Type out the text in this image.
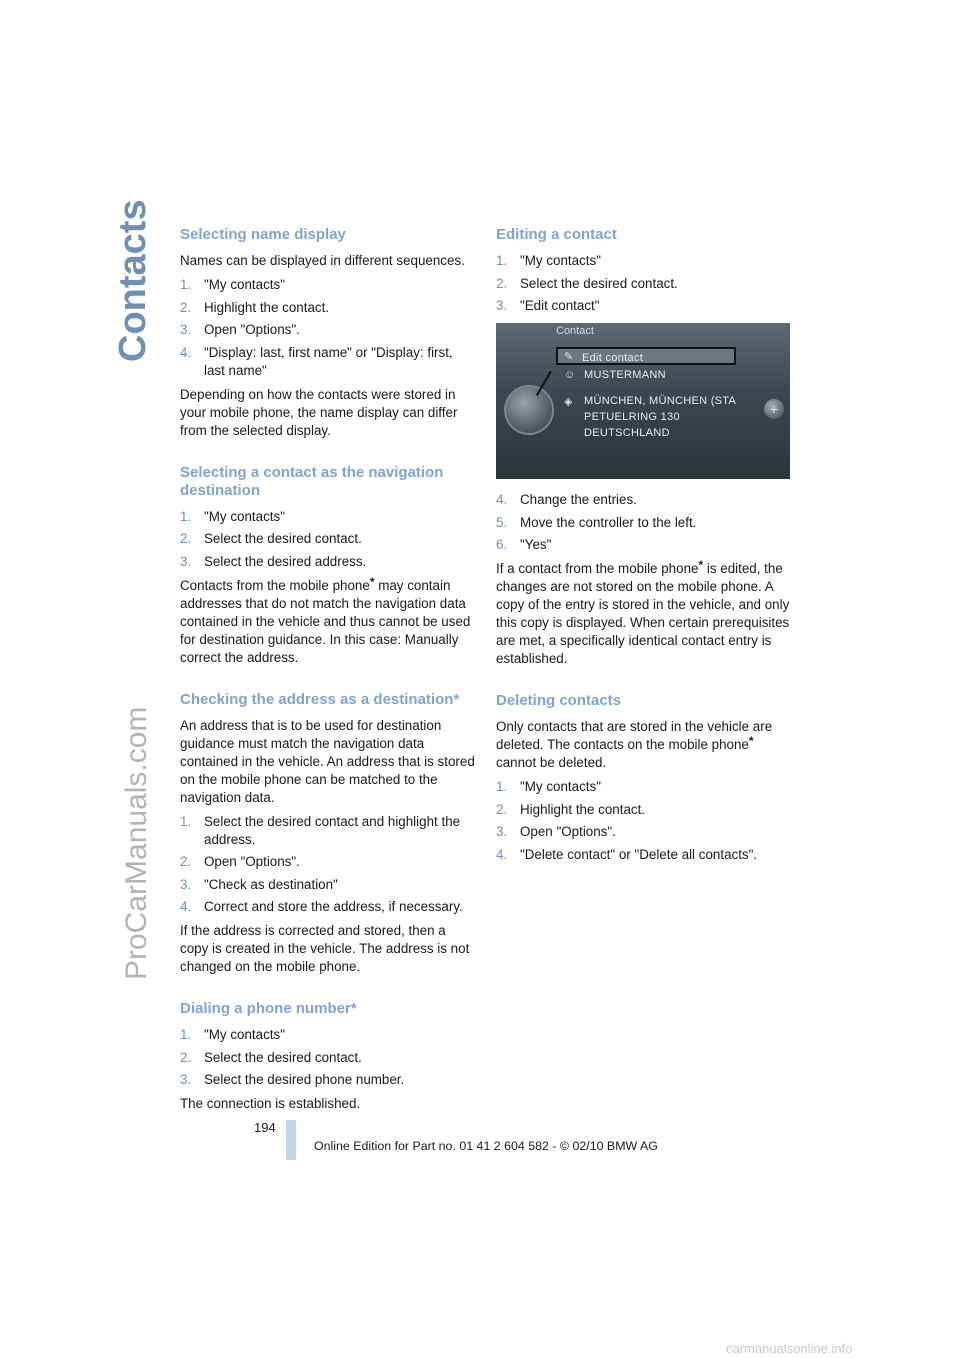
Contacts
ProCarManuals.com
Selecting name display

Names can be displayed in different sequences.

1. "My contacts"
2. Highlight the contact.
3. Open "Options".
4. "Display: last, first name" or "Display: first, last name"

Depending on how the contacts were stored in your mobile phone, the name display can differ from the selected display.

Selecting a contact as the navigation destination
1. "My contacts"
2. Select the desired contact.
3. Select the desired address.

Contacts from the mobile phone* may contain addresses that do not match the navigation data contained in the vehicle and thus cannot be used for destination guidance. In this case: Manually correct the address.

Checking the address as a destination*

An address that is to be used for destination guidance must match the navigation data contained in the vehicle. An address that is stored on the mobile phone can be matched to the navigation data.

1. Select the desired contact and highlight the address.
2. Open "Options".
3. "Check as destination"
4. Correct and store the address, if necessary.

If the address is corrected and stored, then a copy is created in the vehicle. The address is not changed on the mobile phone.

Dialing a phone number*
1. "My contacts"
2. Select the desired contact.
3. Select the desired phone number.

The connection is established.

Editing a contact
1. "My contacts"
2. Select the desired contact.
3. "Edit contact"
Contact
+
Edit contact
✎
☺ MUSTERMANN
◈ MÜNCHEN, MÜNCHEN (STA
PETUELRING 130
DEUTSCHLAND
4. Change the entries.
5. Move the controller to the left.
6. "Yes"

If a contact from the mobile phone* is edited, the changes are not stored on the mobile phone. A copy of the entry is stored in the vehicle, and only this copy is displayed. When certain prerequisites are met, a specifically identical contact entry is established.

Deleting contacts

Only contacts that are stored in the vehicle are deleted. The contacts on the mobile phone* cannot be deleted.

1. "My contacts"
2. Highlight the contact.
3. Open "Options".
4. "Delete contact" or "Delete all contacts".
194
Online Edition for Part no. 01 41 2 604 582 - © 02/10 BMW AG
carmanualsonline.info
